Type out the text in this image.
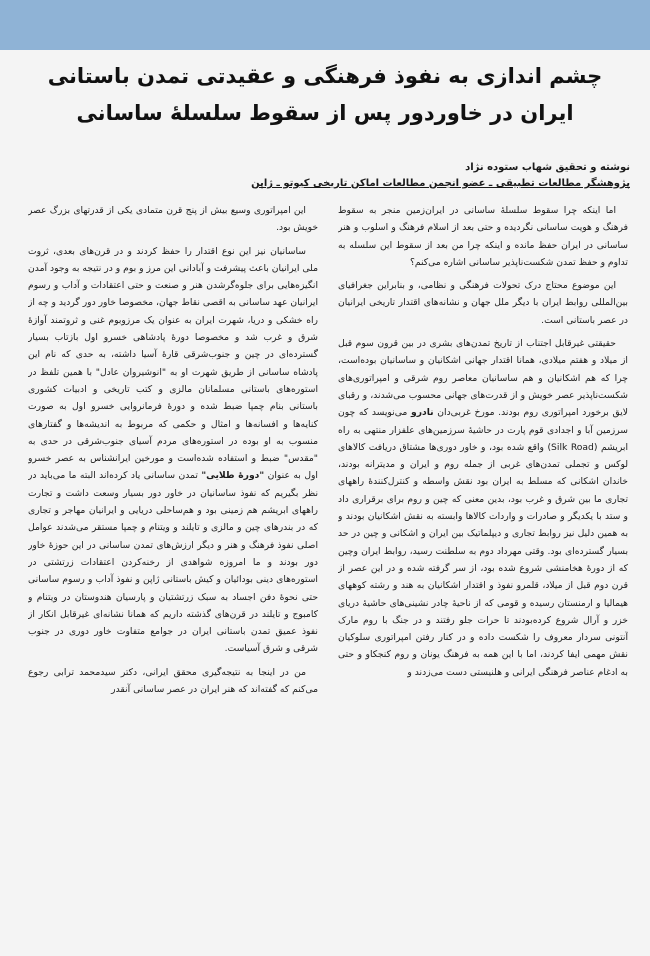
چشم اندازی به نفوذ فرهنگی و عقیدتی تمدن باستانی ایران در خاوردور پس از سقوط سلسلۀ ساسانی
نوشته و تحقیق شهاب ستوده نژاد
پژوهشگر مطالعات تطبیقی ـ عضو انجمن مطالعات اماکن تاریخی کیوتو ـ ژاپن

اما اینکه چرا سقوط سلسلۀ ساسانی در ایران‌زمین منجر به سقوط فرهنگ و هویت ساسانی نگردیده و حتی بعد از اسلام فرهنگ و اسلوب و هنر ساسانی در ایران حفظ مانده و اینکه چرا من بعد از سقوط این سلسله به تداوم و حفظ تمدن شکست‌ناپذیر ساسانی اشاره می‌کنم؟

این موضوع محتاج درک تحولات فرهنگی و نظامی، و بنابراین جغرافیای بین‌المللی روابط ایران با دیگر ملل جهان و نشانه‌های اقتدار تاریخی ایرانیان در عصر باستانی است.

حقیقتی غیرقابل اجتناب از تاریخ تمدن‌های بشری در بین قرون سوم قبل از میلاد و هفتم میلادی، همانا اقتدار جهانی اشکانیان و ساسانیان بوده‌است، چرا که هم اشکانیان و هم ساسانیان معاصر روم شرقی و امپراتوری‌های شکست‌ناپذیر عصر خویش و از قدرت‌های جهانی محسوب می‌شدند، و رقبای لایق برخورد امپراتوری روم بودند. مورخ غربی‌دان نادرو می‌نویسد که چون سرزمین آبا و اجدادی قوم پارت در حاشیۀ سرزمین‌های علفزار منتهی به راه ابریشم (Silk Road) واقع شده بود، و خاور دوری‌ها مشتاق دریافت کالاهای لوکس و تجملی تمدن‌های غربی از جمله روم و ایران و مدیترانه بودند، خاندان اشکانی که مسلط به ایران بود نقش واسطه و کنترل‌کنندۀ راههای تجاری ما بین شرق و غرب بود، بدین معنی که چین و روم برای برقراری داد و ستد با یکدیگر و صادرات و واردات کالاها وابسته به نقش اشکانیان بودند و به همین دلیل نیز روابط تجاری و دیپلماتیک بین ایران و اشکانی و چین در حد بسیار گسترده‌ای بود. وقتی مهرداد دوم به سلطنت رسید، روابط ایران وچین که از دورۀ هخامنشی شروع شده بود، از سر گرفته شده و در این عصر از قرن دوم قبل از میلاد، قلمرو نفوذ و اقتدار اشکانیان به هند و رشته کوههای هیمالیا و ارمنستان رسیده و قومی که از ناحیۀ چادر نشینی‌های حاشیۀ دریای خزر و آرال شروع کرده‌بودند تا حرات جلو رفتند و در جنگ با روم مارک آنتونی سردار معروف را شکست داده و در کنار رفتن امپراتوری سلوکیان نقش مهمی ایفا کردند، اما با این همه به فرهنگ یونان و روم کنجکاو و حتی به ادغام عناصر فرهنگی ایرانی و هلنیستی دست می‌زدند و

این امپراتوری وسیع بیش از پنج قرن متمادی یکی از قدرتهای بزرگ عصر خویش بود.

ساسانیان نیز این نوع اقتدار را حفظ کردند و در قرن‌های بعدی، ثروت ملی ایرانیان باعث پیشرفت و آبادانی این مرز و بوم و در نتیجه به وجود آمدن انگیزه‌هایی برای جلوه‌گرشدن هنر و صنعت و حتی اعتقادات و آداب و رسوم ایرانیان عهد ساسانی به اقصی نقاط جهان، مخصوصا خاور دور گردید و چه از راه خشکی و دریا، شهرت ایران به عنوان یک مرزوبوم غنی و ثروتمند آوازۀ شرق و غرب شد و مخصوصا دورۀ پادشاهی خسرو اول بازتاب بسیار گسترده‌ای در چین و جنوب‌شرقی قارۀ آسیا داشته، به حدی که نام این پادشاه ساسانی از طریق شهرت او به "انوشیروان عادل" با همین تلفظ در استوره‌های باستانی مسلمانان مالزی و کتب تاریخی و ادبیات کشوری باستانی بنام چمپا ضبط شده و دورۀ فرمانروایی خسرو اول به صورت کنایه‌ها و افسانه‌ها و امثال و حکمی که مربوط به اندیشه‌ها و گفتارهای منسوب به او بوده در استوره‌های مردم آسیای جنوب‌شرقی در حدی به "مقدس" ضبط و استفاده شده‌است و مورخین ایرانشناس به عصر خسرو اول به عنوان "دورۀ طلایی" تمدن ساسانی یاد کرده‌اند البته ما می‌باید در نظر بگیریم که نفوذ ساسانیان در خاور دور بسیار وسعت داشت و تجارت راههای ابریشم هم زمینی بود و هم‌ساحلی دریایی و ایرانیان مهاجر و تجاری که در بندرهای چین و مالزی و تایلند و ویتنام و چمپا مستقر می‌شدند عوامل اصلی نفوذ فرهنگ و هنر و دیگر ارزش‌های تمدن ساسانی در این حوزۀ خاور دور بودند و ما امروزه شواهدی از رخنه‌کردن اعتقادات زرتشتی در استوره‌های دینی بودائیان و کیش باستانی ژاپن و نفوذ آداب و رسوم ساسانی حتی نحوۀ دفن اجساد به سبک زرتشتیان و پارسیان هندوستان در ویتنام و کامبوج و تایلند در قرن‌های گذشته داریم که همانا نشانه‌ای غیرقابل انکار از نفوذ عمیق تمدن باستانی ایران در جوامع متفاوت خاور دوری در جنوب شرقی و شرق آسیاست.

من در اینجا به نتیجه‌گیری محقق ایرانی، دکتر سیدمحمد ترابی رجوع می‌کنم که گفته‌اند که هنر ایران در عصر ساسانی آنقدر
